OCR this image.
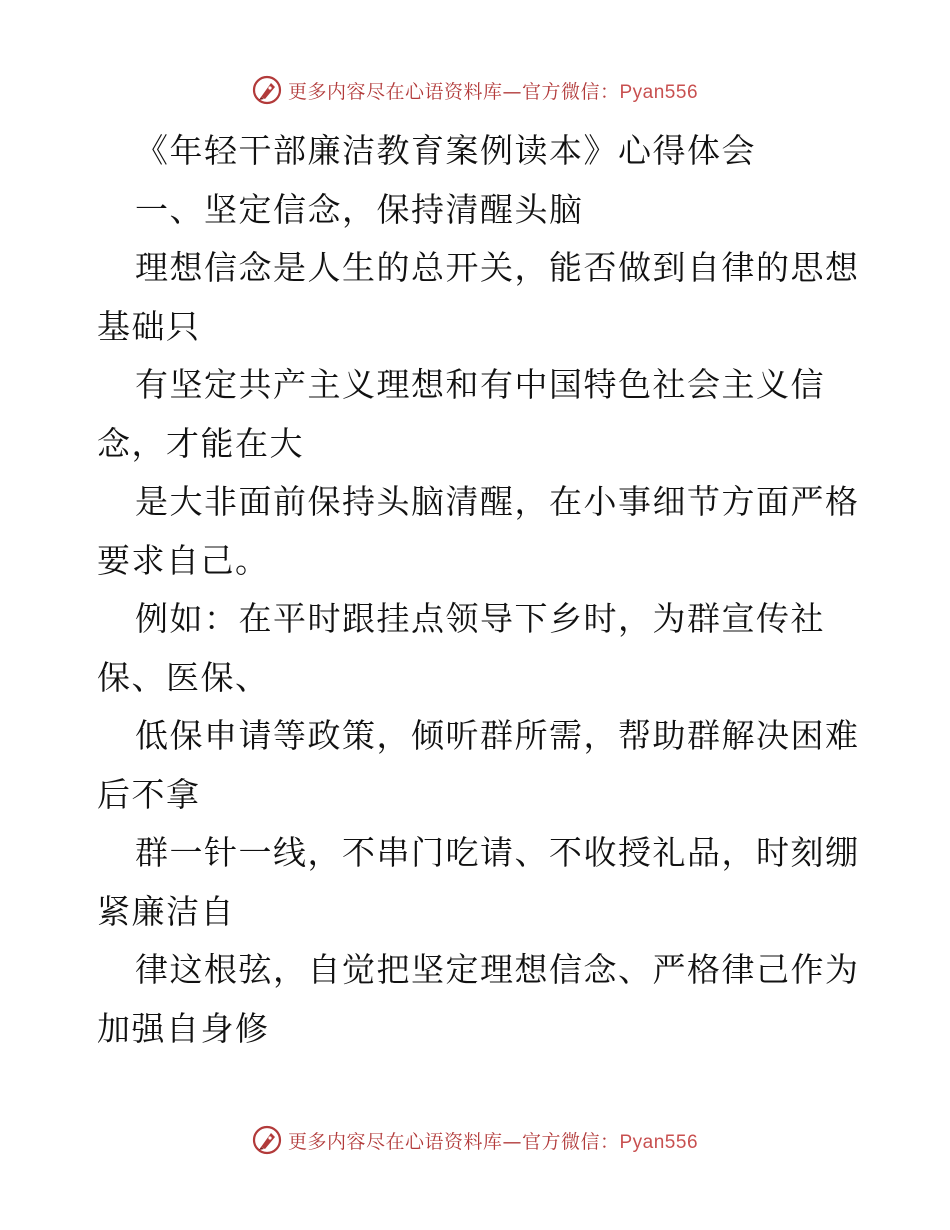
更多内容尽在心语资料库—官方微信：Pyan556
《年轻干部廉洁教育案例读本》心得体会
一、坚定信念，保持清醒头脑
理想信念是人生的总开关，能否做到自律的思想
基础只
有坚定共产主义理想和有中国特色社会主义信
念，才能在大
是大非面前保持头脑清醒，在小事细节方面严格
要求自己。
例如：在平时跟挂点领导下乡时，为群宣传社
保、医保、
低保申请等政策，倾听群所需，帮助群解决困难
后不拿
群一针一线，不串门吃请、不收授礼品，时刻绷
紧廉洁自
律这根弦，自觉把坚定理想信念、严格律己作为
加强自身修
更多内容尽在心语资料库—官方微信：Pyan556
